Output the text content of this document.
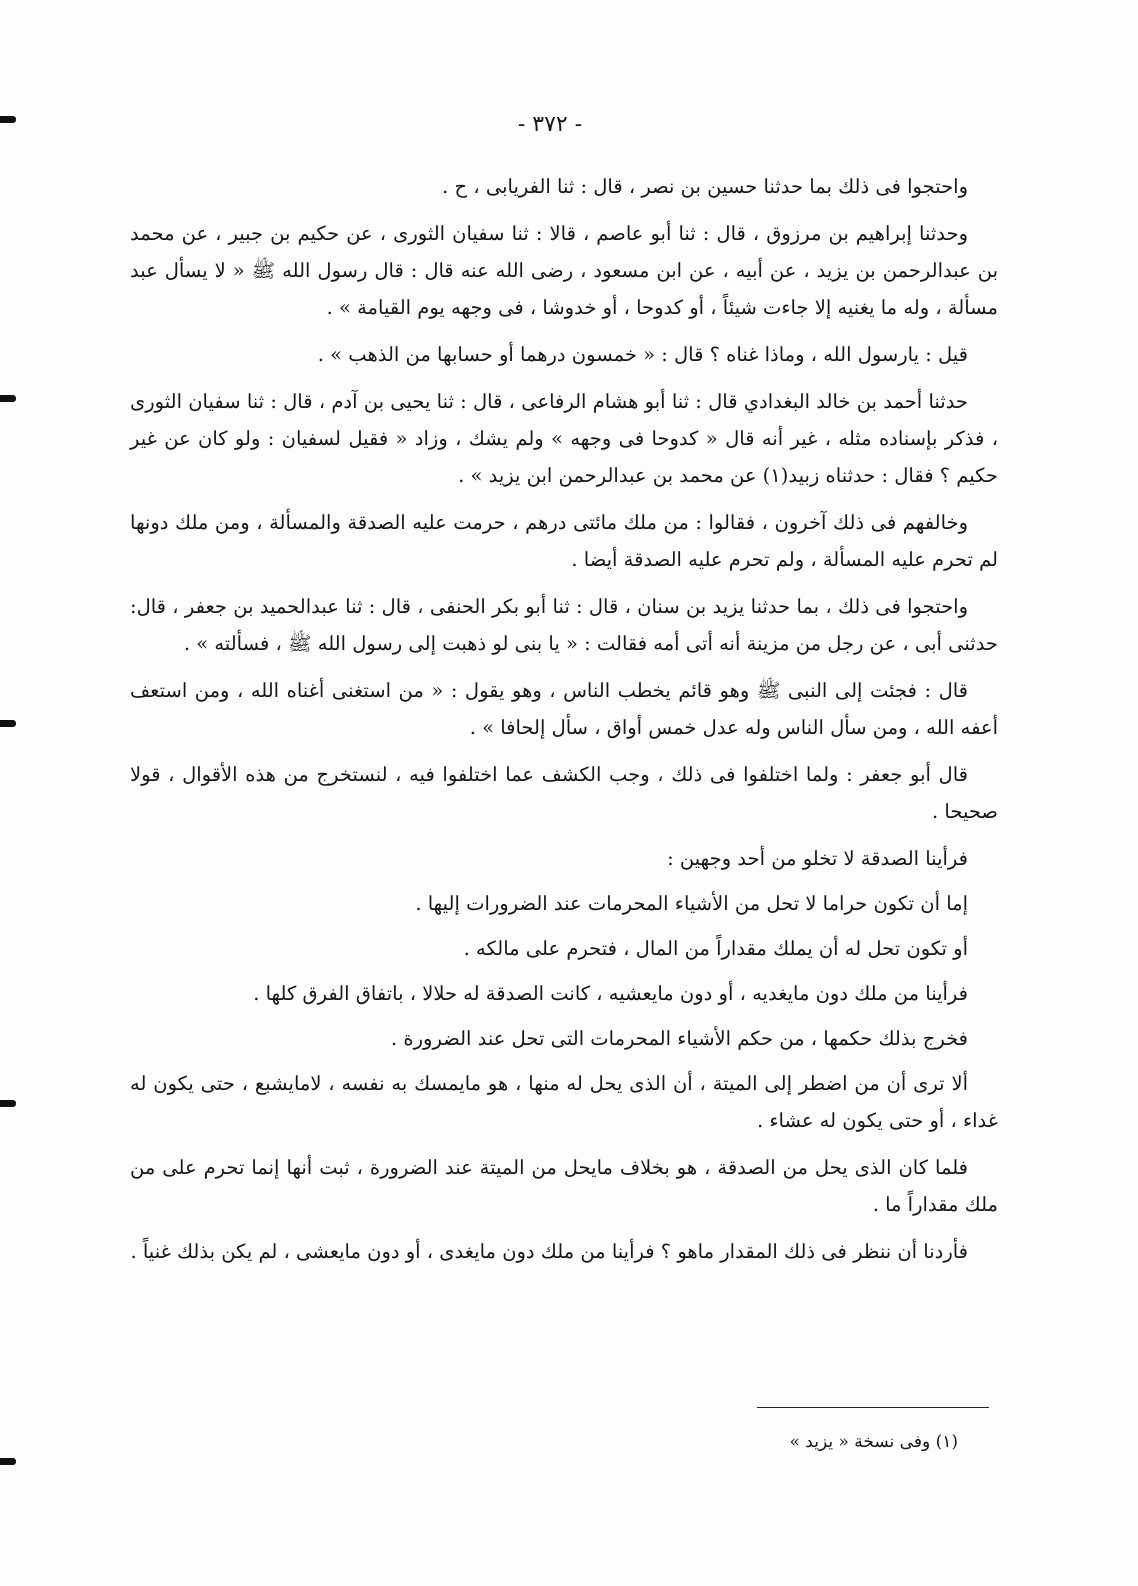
- ٣٧٢ -

واحتجوا فى ذلك بما حدثنا حسين بن نصر ، قال : ثنا الفريابى ، ح .

وحدثنا إبراهيم بن مرزوق ، قال : ثنا أبو عاصم ، قالا : ثنا سفيان الثورى ، عن حكيم بن جبير ، عن محمد بن عبدالرحمن بن يزيد ، عن أبيه ، عن ابن مسعود ، رضى الله عنه قال : قال رسول الله ﷺ « لا يسأل عبد مسألة ، وله ما يغنيه إلا جاءت شيئاً ، أو كدوحا ، أو خدوشا ، فى وجهه يوم القيامة » .

قيل : يارسول الله ، وماذا غناه ؟ قال : « خمسون درهما أو حسابها من الذهب » .

حدثنا أحمد بن خالد البغدادي قال : ثنا أبو هشام الرفاعى ، قال : ثنا يحيى بن آدم ، قال : ثنا سفيان الثورى ، فذكر بإسناده مثله ، غير أنه قال « كدوحا فى وجهه » ولم يشك ، وزاد « فقيل لسفيان : ولو كان عن غير حكيم ؟ فقال : حدثناه زبيد(١) عن محمد بن عبدالرحمن ابن يزيد » .

وخالفهم فى ذلك آخرون ، فقالوا : من ملك مائتى درهم ، حرمت عليه الصدقة والمسألة ، ومن ملك دونها لم تحرم عليه المسألة ، ولم تحرم عليه الصدقة أيضا .

واحتجوا فى ذلك ، بما حدثنا يزيد بن سنان ، قال : ثنا أبو بكر الحنفى ، قال : ثنا عبدالحميد بن جعفر ، قال: حدثنى أبى ، عن رجل من مزينة أنه أتى أمه فقالت : « يا بنى لو ذهبت إلى رسول الله ﷺ ، فسألته » .

قال : فجئت إلى النبى ﷺ وهو قائم يخطب الناس ، وهو يقول : « من استغنى أغناه الله ، ومن استعف أعفه الله ، ومن سأل الناس وله عدل خمس أواق ، سأل إلحافا » .

قال أبو جعفر : ولما اختلفوا فى ذلك ، وجب الكشف عما اختلفوا فيه ، لنستخرج من هذه الأقوال ، قولا صحيحا .

فرأينا الصدقة لا تخلو من أحد وجهين :

إما أن تكون حراما لا تحل من الأشياء المحرمات عند الضرورات إليها .

أو تكون تحل له أن يملك مقداراً من المال ، فتحرم على مالكه .

فرأينا من ملك دون مايغديه ، أو دون مايعشيه ، كانت الصدقة له حلالا ، باتفاق الفرق كلها .

فخرج بذلك حكمها ، من حكم الأشياء المحرمات التى تحل عند الضرورة .

ألا ترى أن من اضطر إلى الميتة ، أن الذى يحل له منها ، هو مايمسك به نفسه ، لامايشبع ، حتى يكون له غداء ، أو حتى يكون له عشاء .

فلما كان الذى يحل من الصدقة ، هو بخلاف مايحل من الميتة عند الضرورة ، ثبت أنها إنما تحرم على من ملك مقداراً ما .

فأردنا أن ننظر فى ذلك المقدار ماهو ؟ فرأينا من ملك دون مايغدى ، أو دون مايعشى ، لم يكن بذلك غنياً .

(١) وفى نسخة « يزيد »
